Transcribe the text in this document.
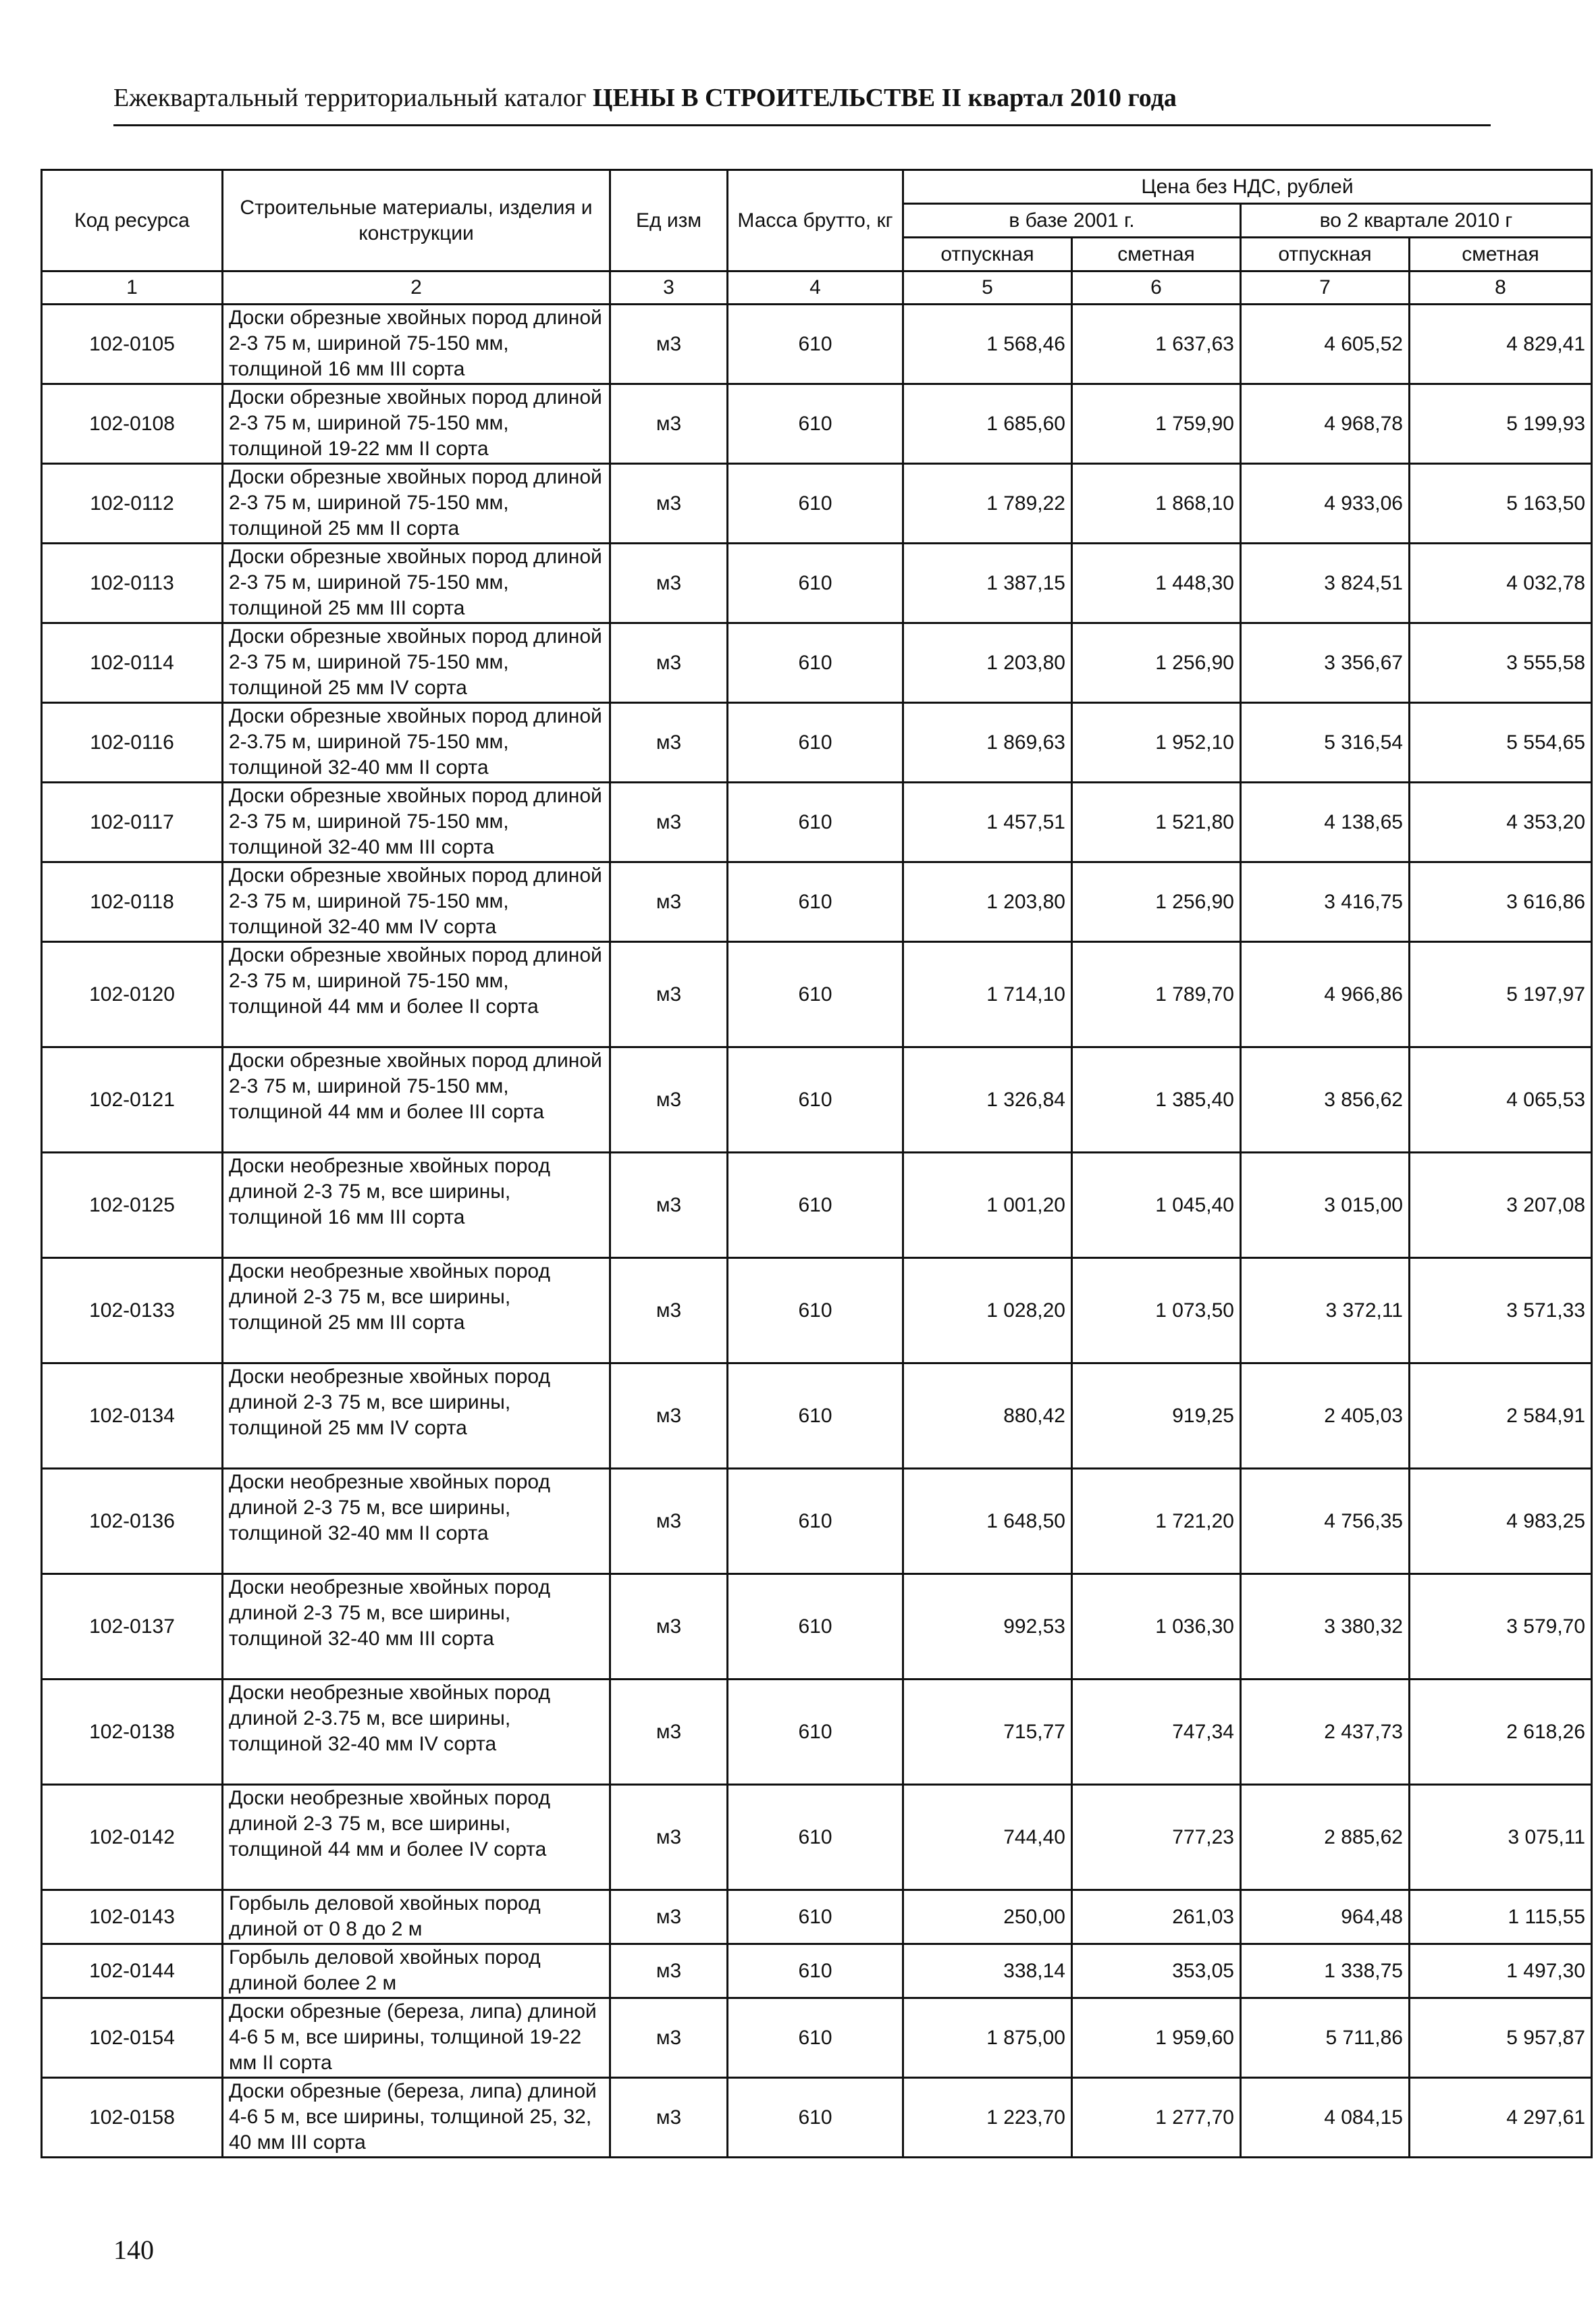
Ежеквартальный территориальный каталог ЦЕНЫ В СТРОИТЕЛЬСТВЕ II квартал 2010 года
Код ресурса	Строительные материалы, изделия и конструкции	Ед изм	Масса брутто, кг	Цена без НДС, рублей			
				в базе 2001 г.		во 2 квартале 2010 г	
				отпускная	сметная	отпускная	сметная
1	2	3	4	5	6	7	8
102-0105	Доски обрезные хвойных пород длиной 2-3 75 м, шириной 75-150 мм, толщиной 16 мм III сорта	м3	610	1 568,46	1 637,63	4 605,52	4 829,41
102-0108	Доски обрезные хвойных пород длиной 2-3 75 м, шириной 75-150 мм, толщиной 19-22 мм II сорта	м3	610	1 685,60	1 759,90	4 968,78	5 199,93
102-0112	Доски обрезные хвойных пород длиной 2-3 75 м, шириной 75-150 мм, толщиной 25 мм II сорта	м3	610	1 789,22	1 868,10	4 933,06	5 163,50
102-0113	Доски обрезные хвойных пород длиной 2-3 75 м, шириной 75-150 мм, толщиной 25 мм III сорта	м3	610	1 387,15	1 448,30	3 824,51	4 032,78
102-0114	Доски обрезные хвойных пород длиной 2-3 75 м, шириной 75-150 мм, толщиной 25 мм IV сорта	м3	610	1 203,80	1 256,90	3 356,67	3 555,58
102-0116	Доски обрезные хвойных пород длиной 2-3.75 м, шириной 75-150 мм, толщиной 32-40 мм II сорта	м3	610	1 869,63	1 952,10	5 316,54	5 554,65
102-0117	Доски обрезные хвойных пород длиной 2-3 75 м, шириной 75-150 мм, толщиной 32-40 мм III сорта	м3	610	1 457,51	1 521,80	4 138,65	4 353,20
102-0118	Доски обрезные хвойных пород длиной 2-3 75 м, шириной 75-150 мм, толщиной 32-40 мм IV сорта	м3	610	1 203,80	1 256,90	3 416,75	3 616,86
102-0120	Доски обрезные хвойных пород длиной 2-3 75 м, шириной 75-150 мм, толщиной 44 мм и более II сорта	м3	610	1 714,10	1 789,70	4 966,86	5 197,97
102-0121	Доски обрезные хвойных пород длиной 2-3 75 м, шириной 75-150 мм, толщиной 44 мм и более III сорта	м3	610	1 326,84	1 385,40	3 856,62	4 065,53
102-0125	Доски необрезные хвойных пород длиной 2-3 75 м, все ширины, толщиной 16 мм III сорта	м3	610	1 001,20	1 045,40	3 015,00	3 207,08
102-0133	Доски необрезные хвойных пород длиной 2-3 75 м, все ширины, толщиной 25 мм III сорта	м3	610	1 028,20	1 073,50	3 372,11	3 571,33
102-0134	Доски необрезные хвойных пород длиной 2-3 75 м, все ширины, толщиной 25 мм IV сорта	м3	610	880,42	919,25	2 405,03	2 584,91
102-0136	Доски необрезные хвойных пород длиной 2-3 75 м, все ширины, толщиной 32-40 мм II сорта	м3	610	1 648,50	1 721,20	4 756,35	4 983,25
102-0137	Доски необрезные хвойных пород длиной 2-3 75 м, все ширины, толщиной 32-40 мм III сорта	м3	610	992,53	1 036,30	3 380,32	3 579,70
102-0138	Доски необрезные хвойных пород длиной 2-3.75 м, все ширины, толщиной 32-40 мм IV сорта	м3	610	715,77	747,34	2 437,73	2 618,26
102-0142	Доски необрезные хвойных пород длиной 2-3 75 м, все ширины, толщиной 44 мм и более IV сорта	м3	610	744,40	777,23	2 885,62	3 075,11
102-0143	Горбыль деловой хвойных пород длиной от 0 8 до 2 м	м3	610	250,00	261,03	964,48	1 115,55
102-0144	Горбыль деловой хвойных пород длиной более 2 м	м3	610	338,14	353,05	1 338,75	1 497,30
102-0154	Доски обрезные (береза, липа) длиной 4-6 5 м, все ширины, толщиной 19-22 мм II сорта	м3	610	1 875,00	1 959,60	5 711,86	5 957,87
102-0158	Доски обрезные (береза, липа) длиной 4-6 5 м, все ширины, толщиной 25, 32, 40 мм III сорта	м3	610	1 223,70	1 277,70	4 084,15	4 297,61
140
